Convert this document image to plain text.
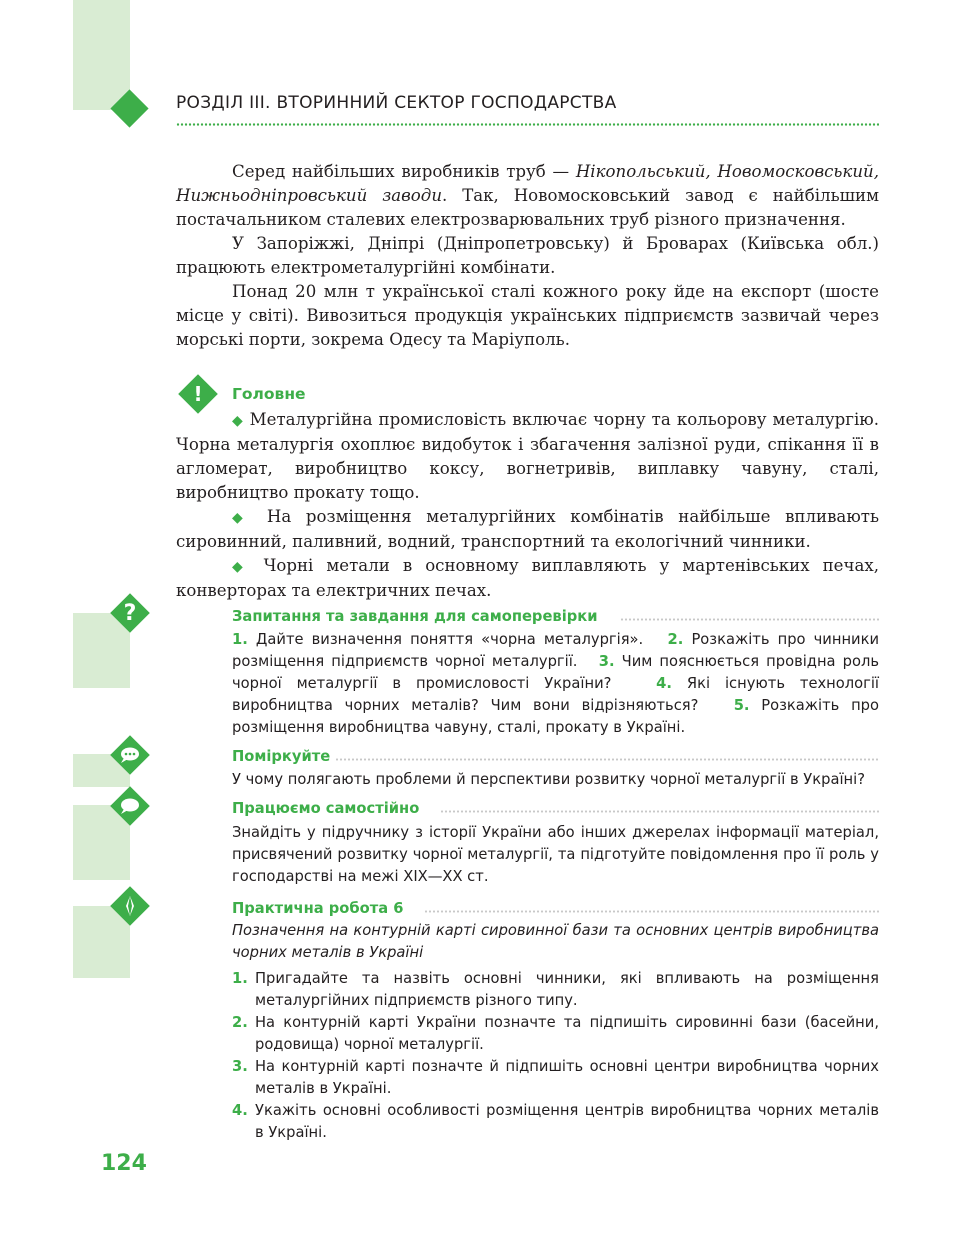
РОЗДІЛ III. ВТОРИННИЙ СЕКТОР ГОСПОДАРСТВА

Серед найбільших виробників труб — Нікопольський, Новомосковський, Нижньодніпровський заводи. Так, Новомосковський завод є найбільшим постачальником сталевих електрозварювальних труб різного призначення.

У Запоріжжі, Дніпрі (Дніпропетровську) й Броварах (Київська обл.) працюють електрометалургійні комбінати.

Понад 20 млн т української сталі кожного року йде на експорт (шосте місце у світі). Вивозиться продукція українських підприємств зазвичай через морські порти, зокрема Одесу та Маріуполь.

!	Головне

◆ Металургійна промисловість включає чорну та кольорову металургію. Чорна металургія охоплює видобуток і збагачення залізної руди, спікання її в агломерат, виробництво коксу, вогнетривів, виплавку чавуну, сталі, виробництво прокату тощо.

◆ На розміщення металургійних комбінатів найбільше впливають сировинний, паливний, водний, транспортний та екологічний чинники.

◆ Чорні метали в основному виплавляють у мартенівських печах, конверторах та електричних печах.

?	Запитання та завдання для самоперевірки
1. Дайте визначення поняття «чорна металургія». 2. Розкажіть про чинники розміщення підприємств чорної металургії. 3. Чим пояснюється провідна роль чорної металургії в промисловості України?	4. Які існують технології виробництва чорних металів? Чим вони відрізняються? 5. Розкажіть про розміщення виробництва чавуну, сталі, прокату в Україні.
Поміркуйте
У чому полягають проблеми й перспективи розвитку чорної металургії в Україні?
Працюємо самостійно
Знайдіть у підручнику з історії України або інших джерелах інформації матеріал, присвячений розвитку чорної металургії, та підготуйте повідомлення про її роль у господарстві на межі XIX—XX ст.
Практична робота 6
Позначення на контурній карті сировинної бази та основних центрів виробництва чорних металів в Україні
1. Пригадайте та назвіть основні чинники, які впливають на розміщення металургійних підприємств різного типу.
2. На контурній карті України позначте та підпишіть сировинні бази (басейни, родовища) чорної металургії.
3. На контурній карті позначте й підпишіть основні центри виробництва чорних металів в Україні.
4. Укажіть основні особливості розміщення центрів виробництва чорних металів в Україні.
124
